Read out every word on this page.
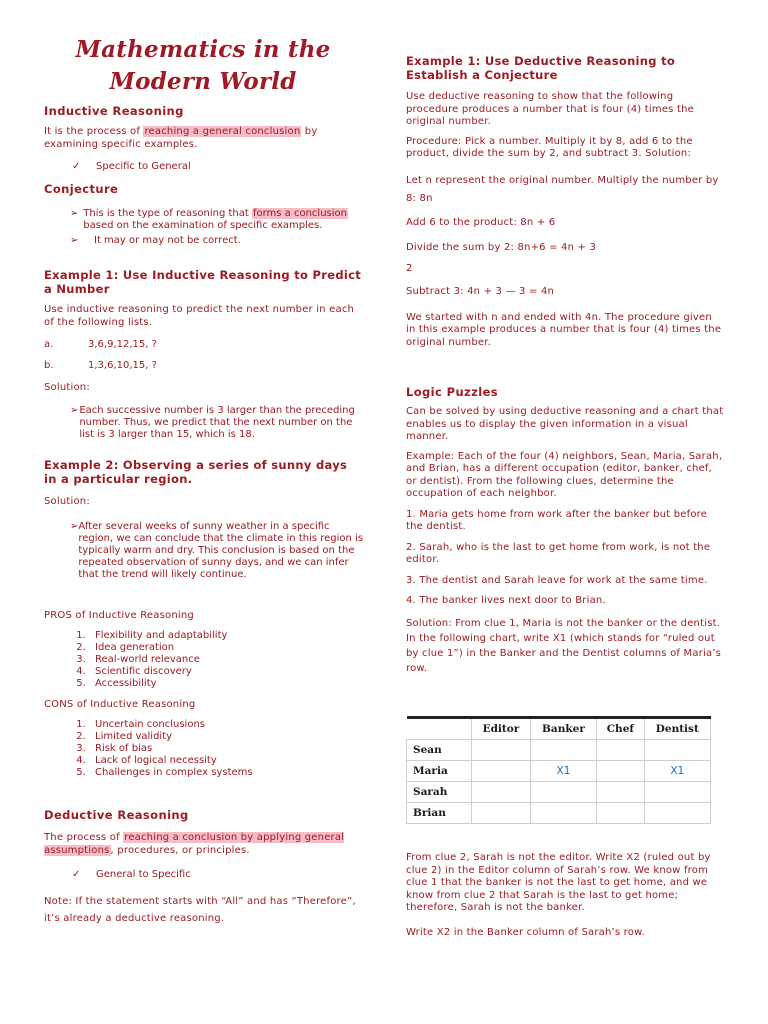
Mathematics in the Modern World
Inductive Reasoning

It is the process of reaching a general conclusion by examining specific examples.

✓	Specific to General
Conjecture
➢ This is the type of reasoning that forms a conclusion based on the examination of specific examples.
➢	It may or may not be correct.
Example 1: Use Inductive Reasoning to Predict a Number

Use inductive reasoning to predict the next number in each of the following lists.

a.	3,6,9,12,15, ?
b.	1,3,6,10,15, ?

Solution:

➢ Each successive number is 3 larger than the preceding number. Thus, we predict that the next number on the list is 3 larger than 15, which is 18.
Example 2: Observing a series of sunny days in a particular region.

Solution:

➢ After several weeks of sunny weather in a specific region, we can conclude that the climate in this region is typically warm and dry. This conclusion is based on the repeated observation of sunny days, and we can infer that the trend will likely continue.

PROS of Inductive Reasoning

1. Flexibility and adaptability
2. Idea generation
3. Real-world relevance
4. Scientific discovery
5. Accessibility

CONS of Inductive Reasoning

1. Uncertain conclusions
2. Limited validity
3. Risk of bias
4. Lack of logical necessity
5. Challenges in complex systems
Deductive Reasoning

The process of reaching a conclusion by applying general assumptions, procedures, or principles.

✓	General to Specific

Note: If the statement starts with “All” and has “Therefore”, it’s already a deductive reasoning.

Example 1: Use Deductive Reasoning to Establish a Conjecture

Use deductive reasoning to show that the following procedure produces a number that is four (4) times the original number.

Procedure: Pick a number. Multiply it by 8, add 6 to the product, divide the sum by 2, and subtract 3. Solution:

Let n represent the original number. Multiply the number by 8: 8n

Add 6 to the product: 8n + 6

Divide the sum by 2: 8n+6 = 4n + 3

2

Subtract 3: 4n + 3 — 3 = 4n

We started with n and ended with 4n. The procedure given in this example produces a number that is four (4) times the original number.

Logic Puzzles

Can be solved by using deductive reasoning and a chart that enables us to display the given information in a visual manner.

Example: Each of the four (4) neighbors, Sean, Maria, Sarah, and Brian, has a different occupation (editor, banker, chef, or dentist). From the following clues, determine the occupation of each neighbor.

1. Maria gets home from work after the banker but before the dentist.

2. Sarah, who is the last to get home from work, is not the editor.

3. The dentist and Sarah leave for work at the same time.

4. The banker lives next door to Brian.

Solution: From clue 1, Maria is not the banker or the dentist. In the following chart, write X1 (which stands for “ruled out by clue 1”) in the Banker and the Dentist columns of Maria’s row.

	Editor	Banker	Chef	Dentist
Sean				
Maria		X1		X1
Sarah				
Brian				

From clue 2, Sarah is not the editor. Write X2 (ruled out by clue 2) in the Editor column of Sarah’s row. We know from clue 1 that the banker is not the last to get home, and we know from clue 2 that Sarah is the last to get home; therefore, Sarah is not the banker.

Write X2 in the Banker column of Sarah’s row.
